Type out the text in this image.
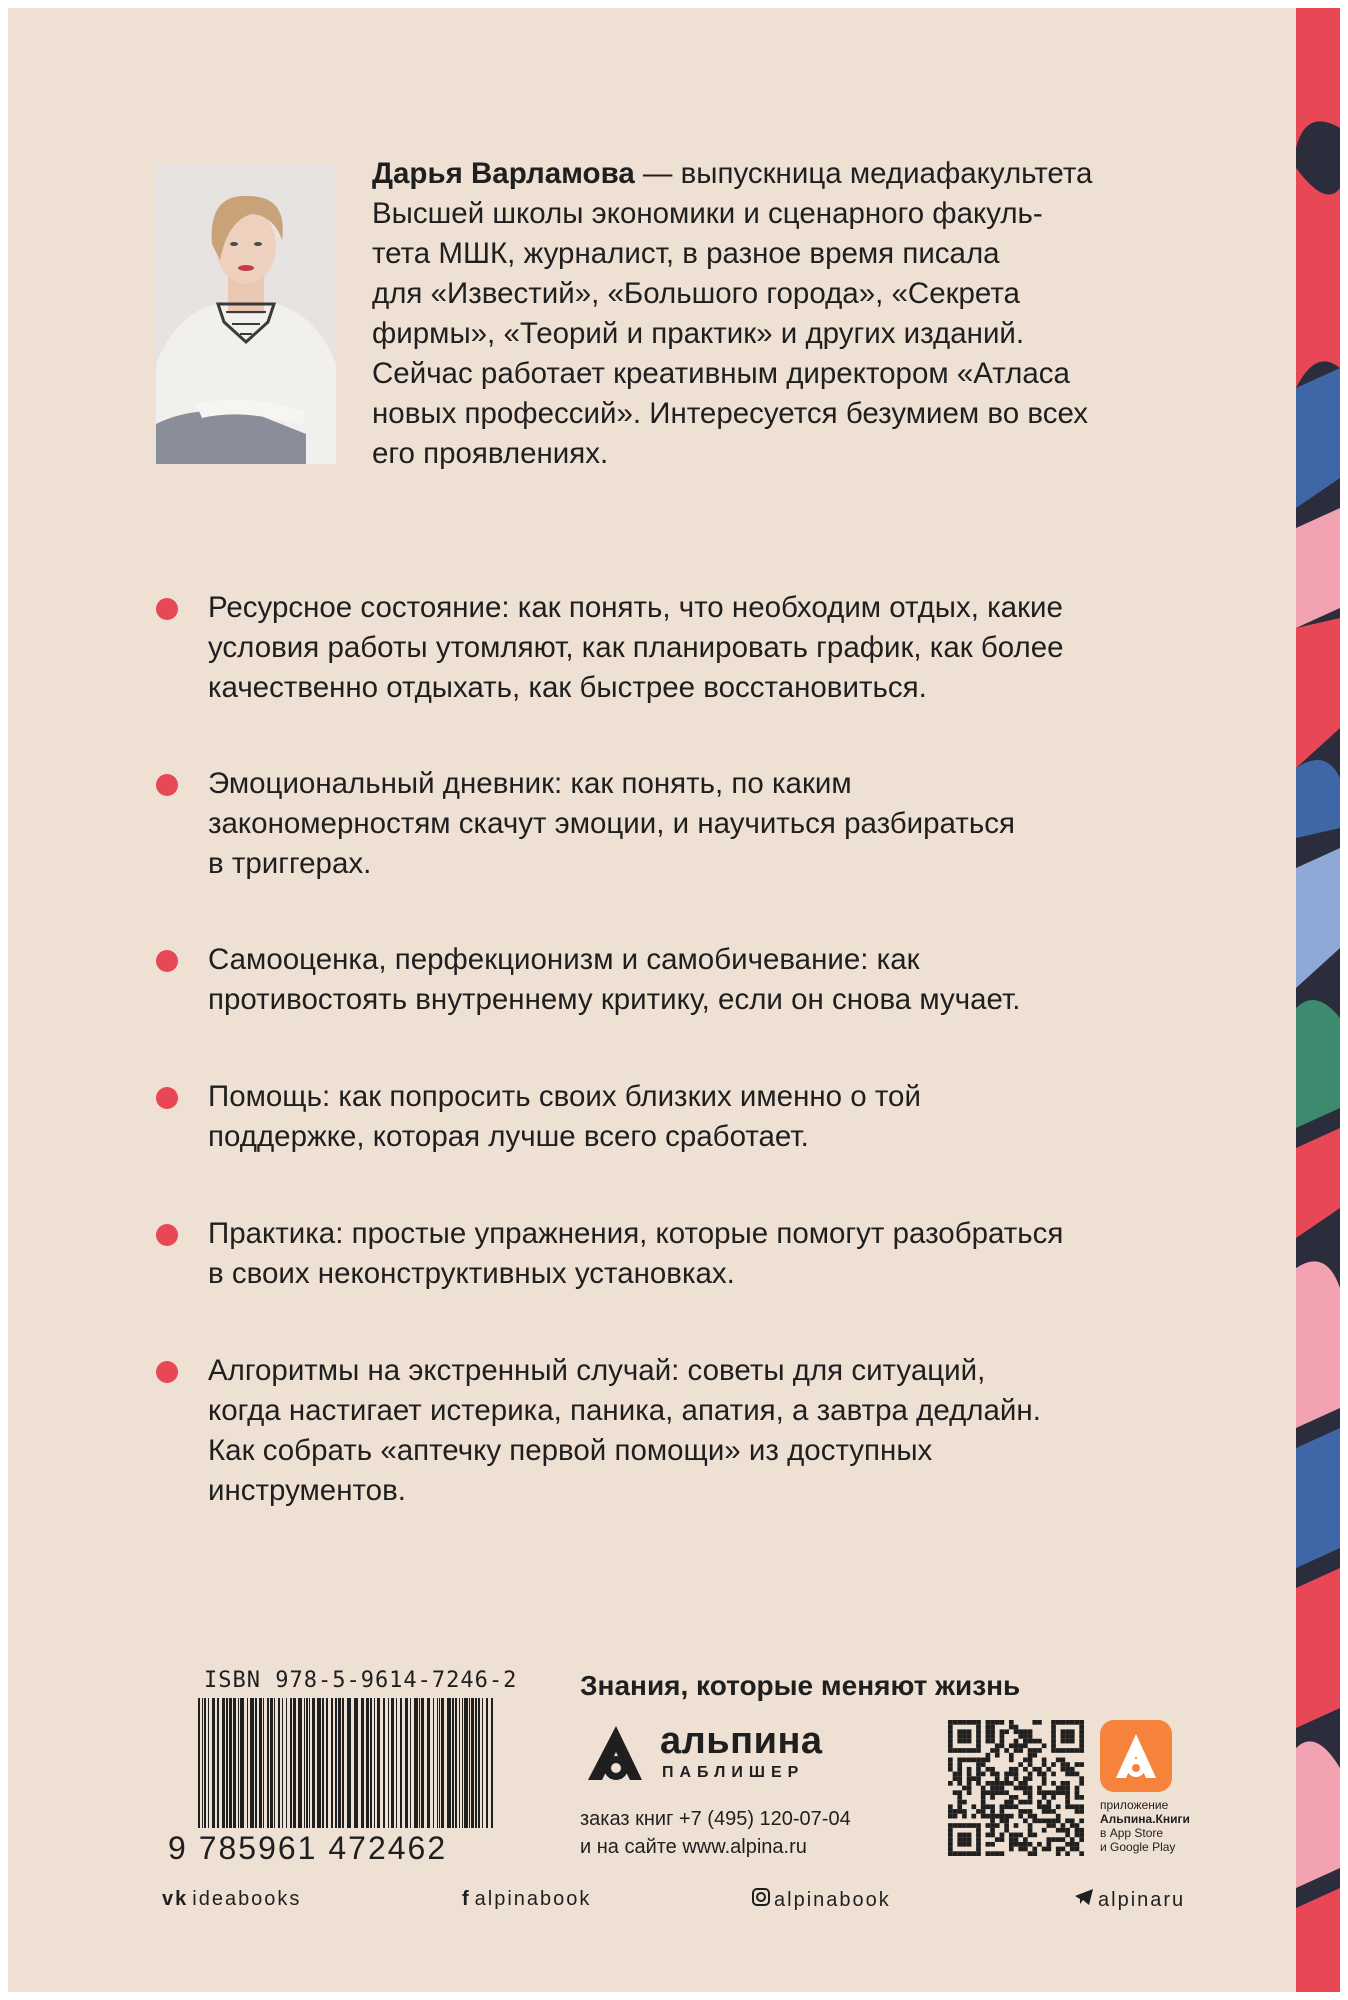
Дарья Варламова — выпускница медиафакультета
Высшей школы экономики и сценарного факуль-
тета МШК, журналист, в разное время писала
для «Известий», «Большого города», «Секрета
фирмы», «Теорий и практик» и других изданий.
Сейчас работает креативным директором «Атласа
новых профессий». Интересуется безумием во всех
его проявлениях.
Ресурсное состояние: как понять, что необходим отдых, какие
условия работы утомляют, как планировать график, как более
качественно отдыхать, как быстрее восстановиться.
Эмоциональный дневник: как понять, по каким
закономерностям скачут эмоции, и научиться разбираться
в триггерах.
Самооценка, перфекционизм и самобичевание: как
противостоять внутреннему критику, если он снова мучает.
Помощь: как попросить своих близких именно о той
поддержке, которая лучше всего сработает.
Практика: простые упражнения, которые помогут разобраться
в своих неконструктивных установках.
Алгоритмы на экстренный случай: советы для ситуаций,
когда настигает истерика, паника, апатия, а завтра дедлайн.
Как собрать «аптечку первой помощи» из доступных
инструментов.
ISBN 978-5-9614-7246-2
9 785961 472462
Знания, которые меняют жизнь
альпина
ПАБЛИШЕР
заказ книг +7 (495) 120-07-04
и на сайте www.alpina.ru
приложение
Альпина.Книги
в App Store
и Google Play
vk ideabooks	f alpinabook	alpinabook	alpinaru
